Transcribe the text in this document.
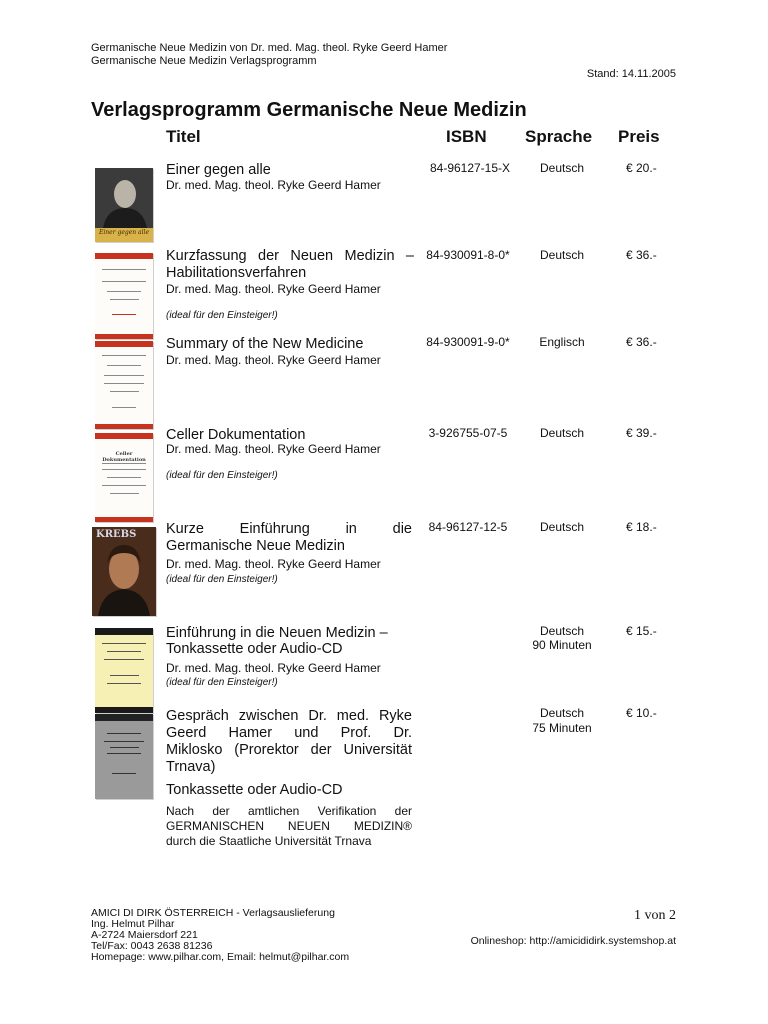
Germanische Neue Medizin von Dr. med. Mag. theol. Ryke Geerd Hamer
Germanische Neue Medizin Verlagsprogramm
Stand: 14.11.2005
Verlagsprogramm Germanische Neue Medizin
Titel	ISBN Sprache Preis
Einer gegen alle
Einer gegen alle
Dr. med. Mag. theol. Ryke Geerd Hamer
84-96127-15-X	Deutsch	€ 20.-
Kurzfassung der Neuen Medizin –
Habilitationsverfahren
Dr. med. Mag. theol. Ryke Geerd Hamer
(ideal für den Einsteiger!)
84-930091-8-0*	Deutsch	€ 36.-
Summary of the New Medicine
Dr. med. Mag. theol. Ryke Geerd Hamer
84-930091-9-0*	Englisch	€ 36.-
Celler Dokumentation
Celler Dokumentation
Dr. med. Mag. theol. Ryke Geerd Hamer
(ideal für den Einsteiger!)
3-926755-07-5	Deutsch	€ 39.-
KREBS Kurze Einführung in die
Germanische Neue Medizin
Dr. med. Mag. theol. Ryke Geerd Hamer
(ideal für den Einsteiger!)
84-96127-12-5	Deutsch	€ 18.-
Einführung in die Neuen Medizin –
Tonkassette oder Audio-CD
Dr. med. Mag. theol. Ryke Geerd Hamer
(ideal für den Einsteiger!)
Deutsch
90 Minuten
€ 15.-
Gespräch zwischen Dr. med. Ryke
Geerd Hamer und Prof. Dr.
Miklosko (Prorektor der Universität
Trnava)
Tonkassette oder Audio-CD
Nach der amtlichen Verifikation der
GERMANISCHEN NEUEN MEDIZIN®
durch die Staatliche Universität Trnava
Deutsch
75 Minuten
€ 10.-
AMICI DI DIRK ÖSTERREICH - Verlagsauslieferung
Ing. Helmut Pilhar
A-2724 Maiersdorf 221
Tel/Fax: 0043 2638 81236
Homepage: www.pilhar.com, Email: helmut@pilhar.com
1 von 2
Onlineshop: http://amicididirk.systemshop.at
